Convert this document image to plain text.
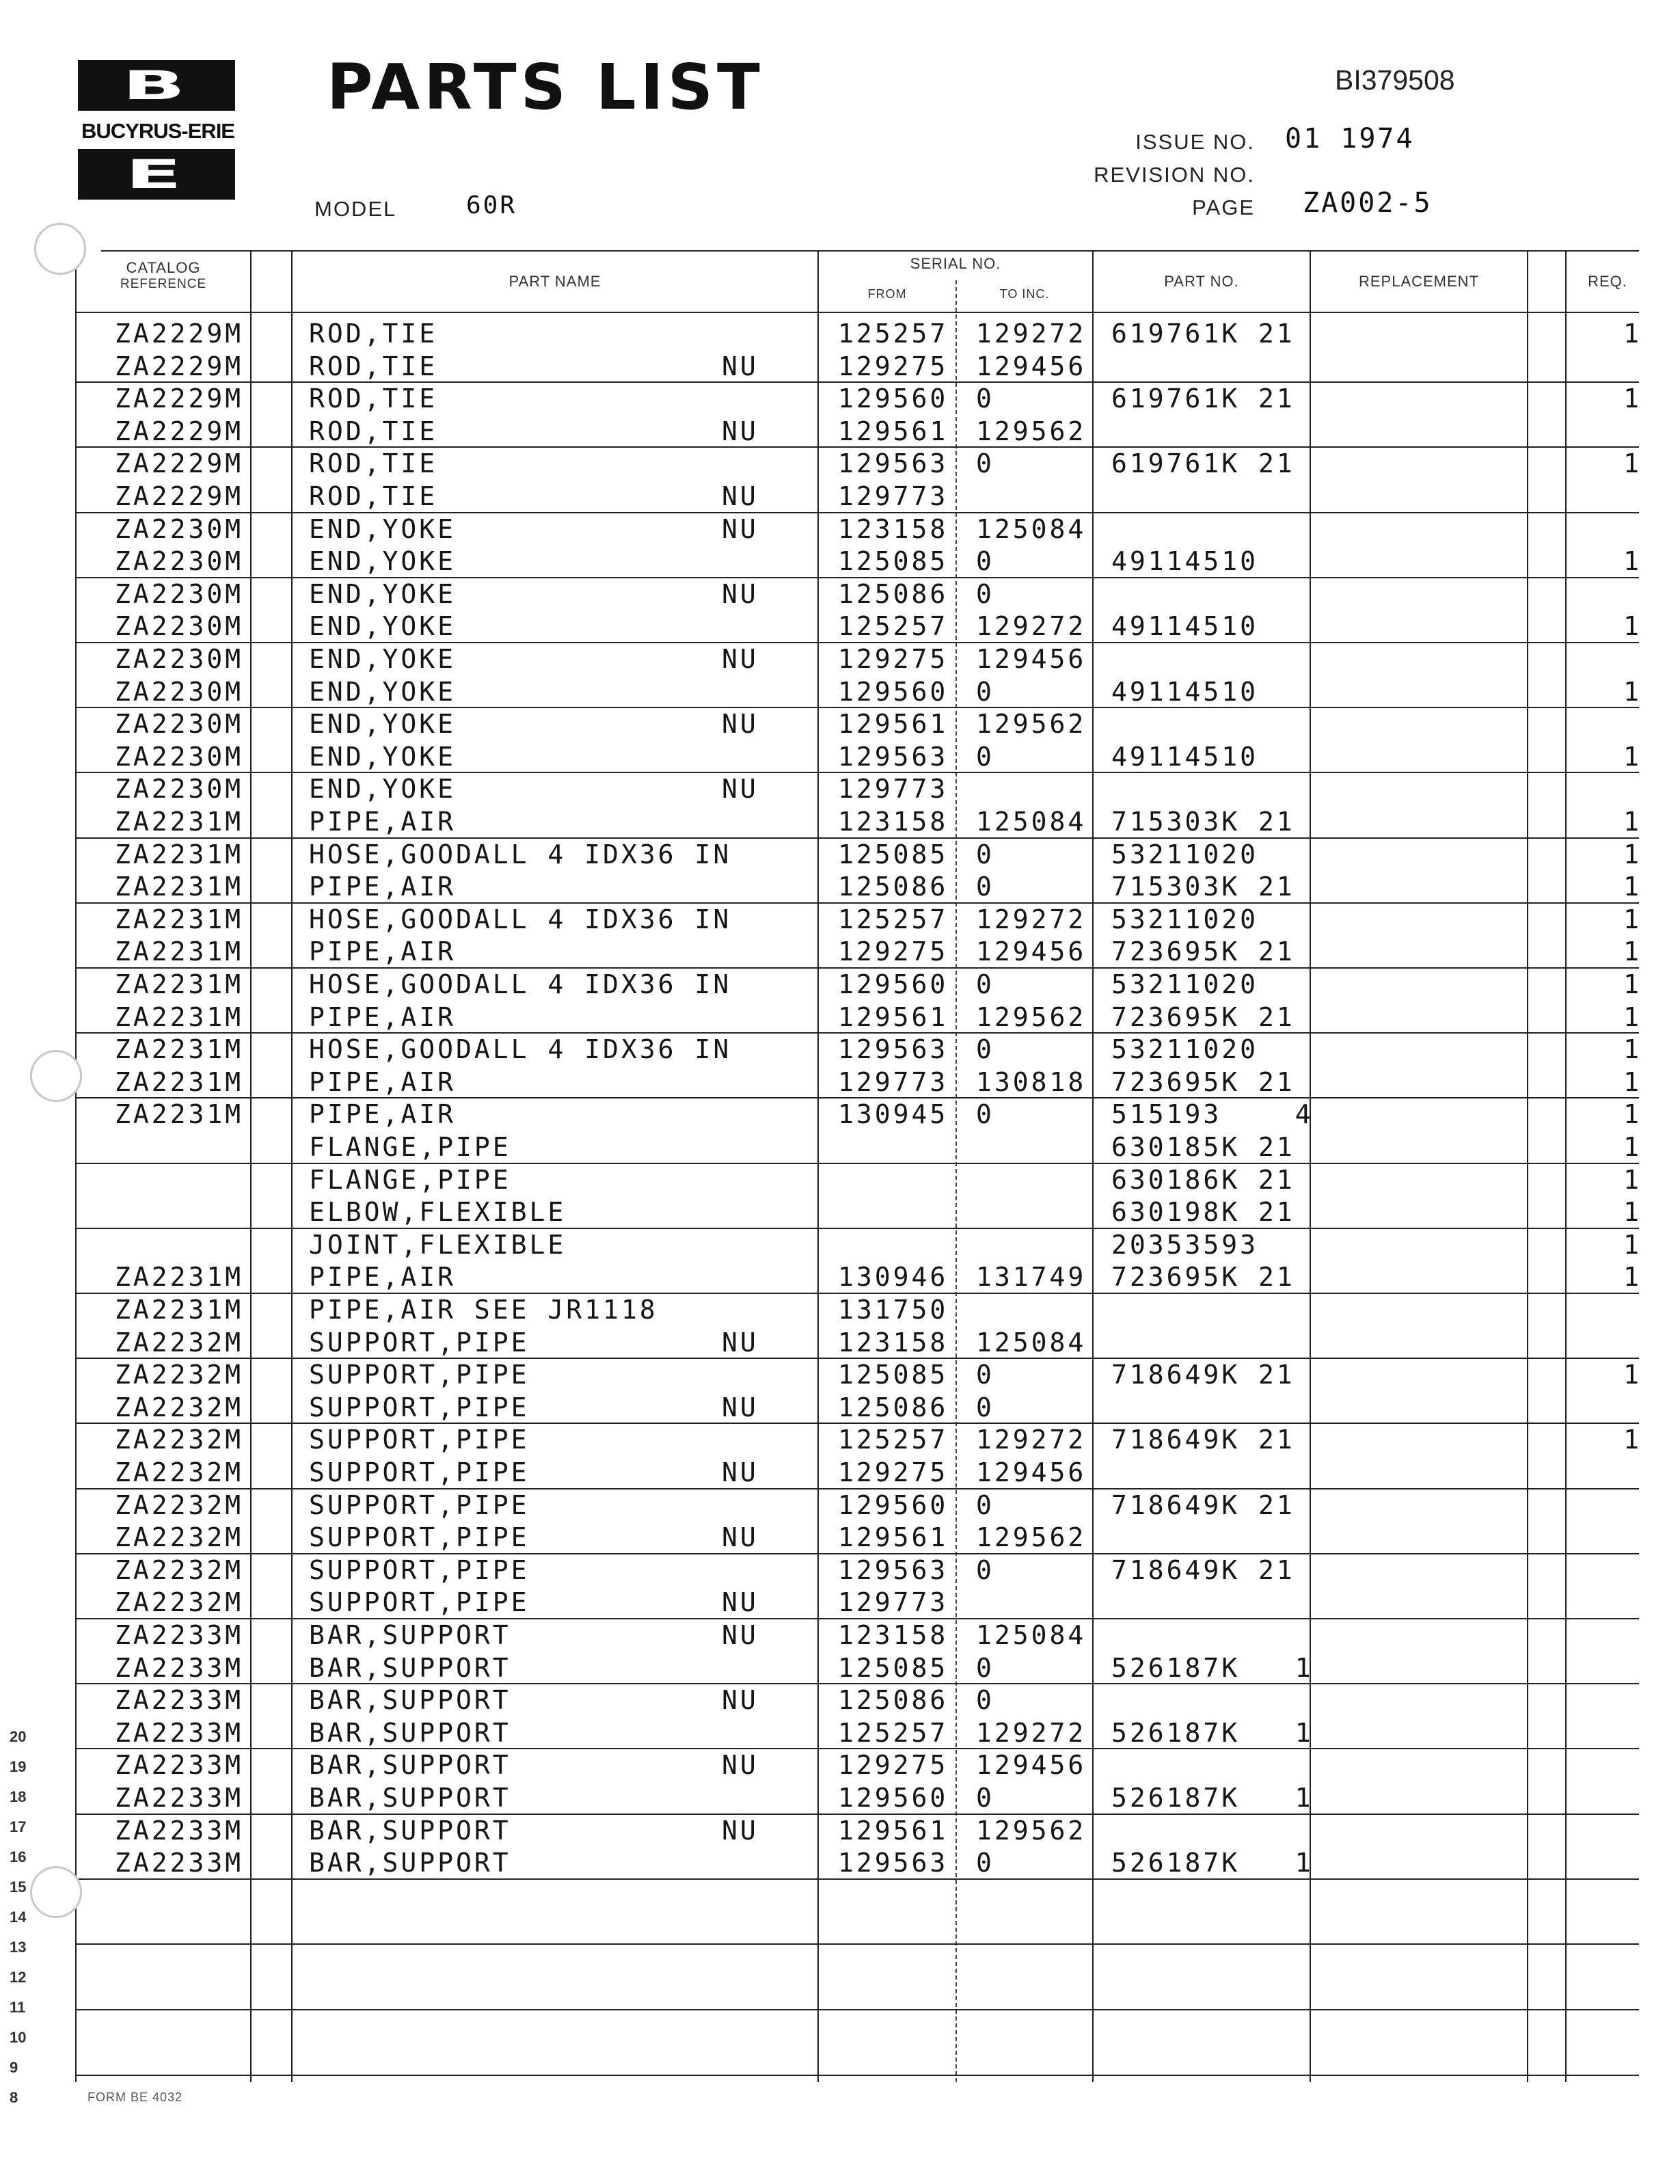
B
BUCYRUS-ERIE
E
PARTS LIST	BI379508
ISSUE NO. 01 1974
REVISION NO.
MODEL	60R	PAGE ZA002-5
CATALOG
REFERENCE	PART NAME
SERIAL NO.
FROM	TO INC.
PART NO.	REPLACEMENT	REQ.
ZA2229M	ROD,TIE	125257 129272 619761K 21	1
ZA2229M	ROD,TIE	NU	129275 129456
ZA2229M	ROD,TIE	129560 0	619761K 21	1
ZA2229M	ROD,TIE	NU	129561 129562
ZA2229M	ROD,TIE	129563 0	619761K 21	1
ZA2229M	ROD,TIE	NU	129773
ZA2230M	END,YOKE	NU	123158 125084
ZA2230M	END,YOKE	125085 0	49114510	1
ZA2230M	END,YOKE	NU	125086 0
ZA2230M	END,YOKE	125257 129272 49114510	1
ZA2230M	END,YOKE	NU	129275 129456
ZA2230M	END,YOKE	129560 0	49114510	1
ZA2230M	END,YOKE	NU	129561 129562
ZA2230M	END,YOKE	129563 0	49114510	1
ZA2230M	END,YOKE	NU	129773
ZA2231M	PIPE,AIR	123158 125084 715303K 21	1
ZA2231M	HOSE,GOODALL 4 IDX36 IN	125085 0	53211020	1
ZA2231M	PIPE,AIR	125086 0	715303K 21	1
ZA2231M	HOSE,GOODALL 4 IDX36 IN	125257 129272 53211020	1
ZA2231M	PIPE,AIR	129275 129456 723695K 21	1
ZA2231M	HOSE,GOODALL 4 IDX36 IN	129560 0	53211020	1
ZA2231M	PIPE,AIR	129561 129562 723695K 21	1
ZA2231M	HOSE,GOODALL 4 IDX36 IN	129563 0	53211020	1
ZA2231M	PIPE,AIR	129773 130818 723695K 21	1
ZA2231M	PIPE,AIR	130945 0	515193    4	1
FLANGE,PIPE	630185K 21	1
FLANGE,PIPE	630186K 21	1
ELBOW,FLEXIBLE	630198K 21	1
JOINT,FLEXIBLE	20353593	1
ZA2231M	PIPE,AIR	130946 131749 723695K 21	1
ZA2231M	PIPE,AIR SEE JR1118	131750
ZA2232M	SUPPORT,PIPE	NU	123158 125084
ZA2232M	SUPPORT,PIPE	125085 0	718649K 21	1
ZA2232M	SUPPORT,PIPE	NU	125086 0
ZA2232M	SUPPORT,PIPE	125257 129272 718649K 21	1
ZA2232M	SUPPORT,PIPE	NU	129275 129456
ZA2232M	SUPPORT,PIPE	129560 0	718649K 21
ZA2232M	SUPPORT,PIPE	NU	129561 129562
ZA2232M	SUPPORT,PIPE	129563 0	718649K 21
ZA2232M	SUPPORT,PIPE	NU	129773
ZA2233M	BAR,SUPPORT	NU	123158 125084
ZA2233M	BAR,SUPPORT	125085 0	526187K   1
ZA2233M	BAR,SUPPORT	NU	125086 0
ZA2233M	BAR,SUPPORT	125257 129272 526187K   1
ZA2233M	BAR,SUPPORT	NU	129275 129456
ZA2233M	BAR,SUPPORT	129560 0	526187K   1
ZA2233M	BAR,SUPPORT	NU	129561 129562
ZA2233M	BAR,SUPPORT	129563 0	526187K   1
20
19
18
17
16
15
14
13
12
11
10
9
8	FORM BE 4032
